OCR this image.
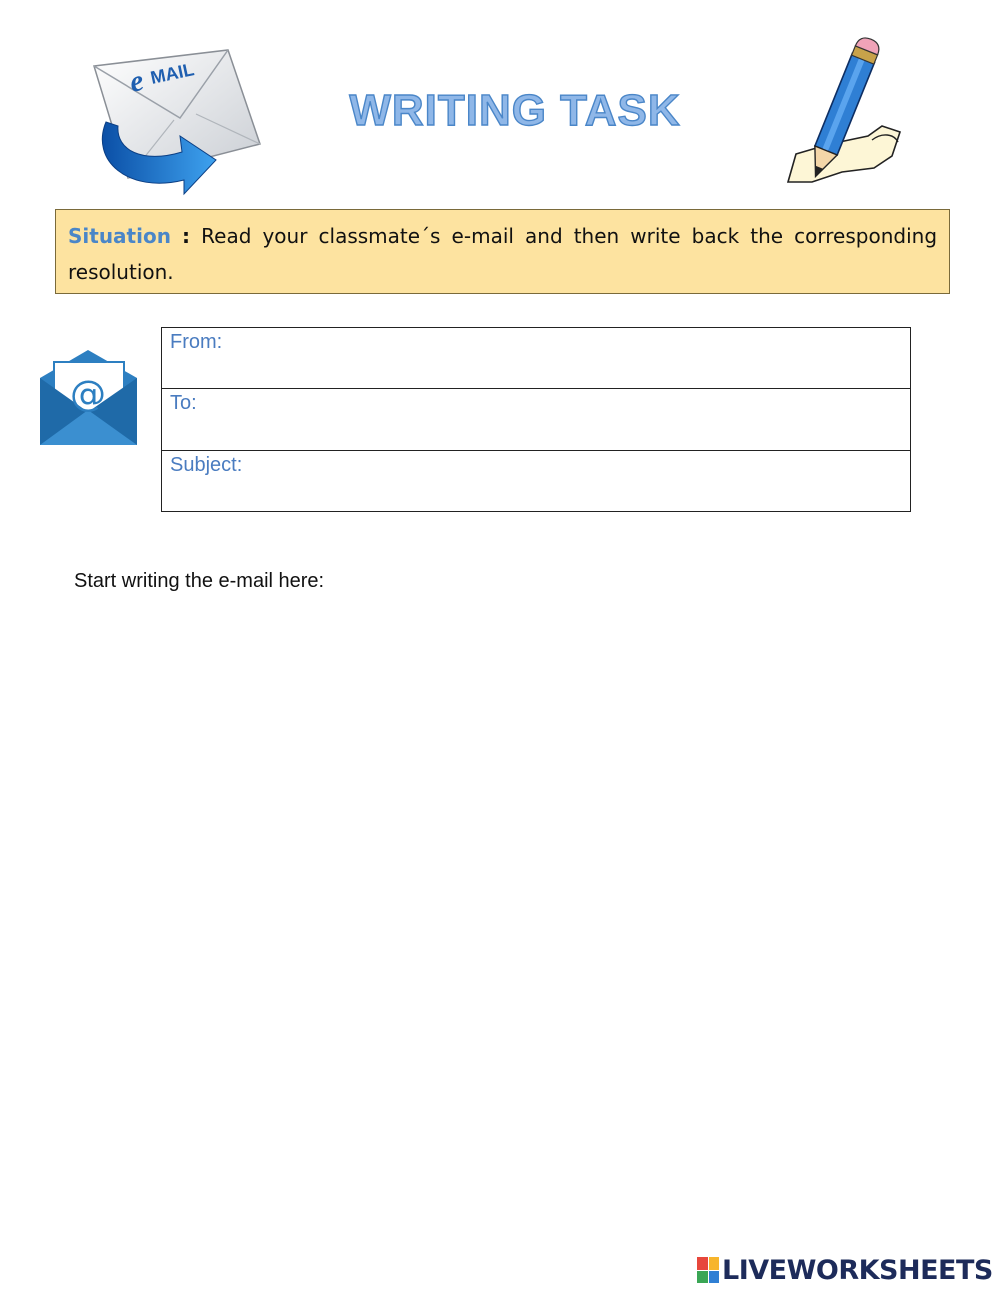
e MAIL
WRITING TASK
Situation : Read your classmate´s e-mail and then write back the corresponding resolution.
@
From:
To:
Subject:
Start writing the e-mail here:
LIVEWORKSHEETS
